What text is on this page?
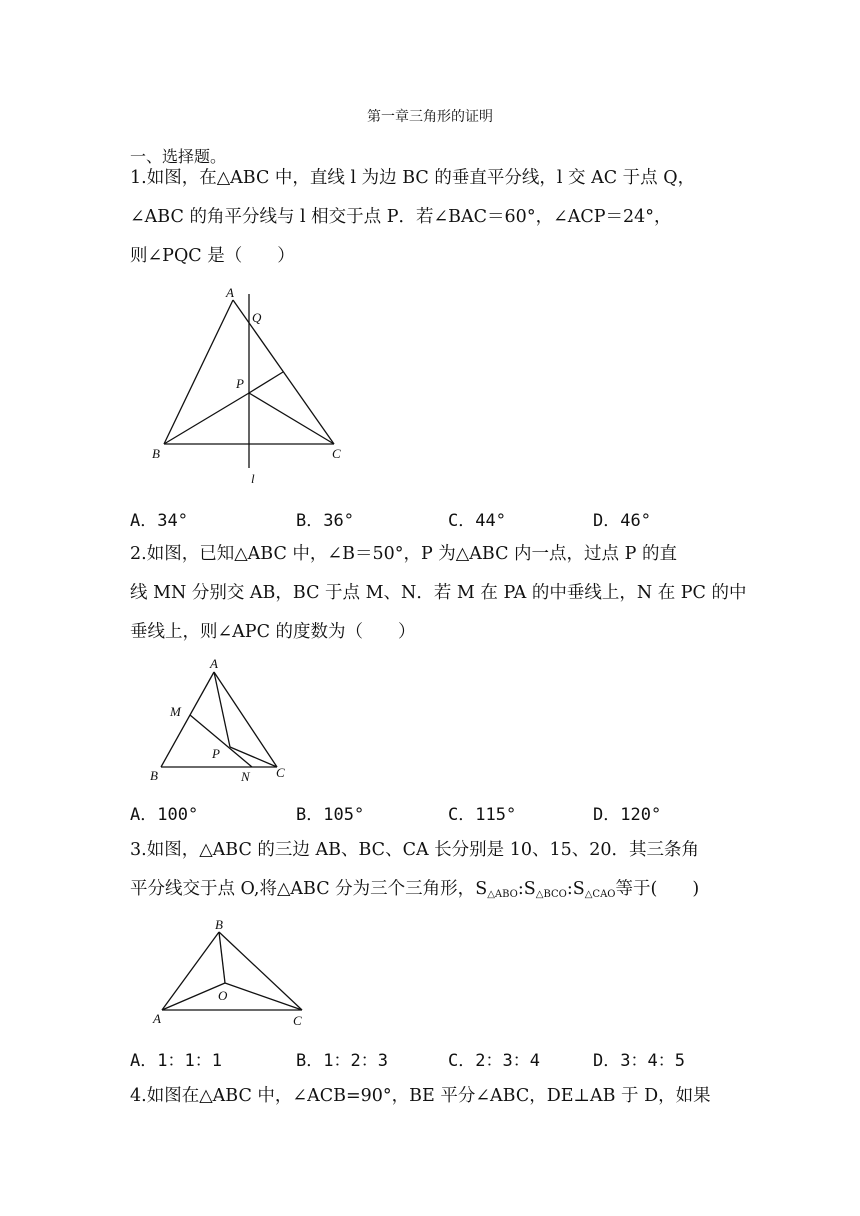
第一章三角形的证明
一、选择题。
1.如图，在△ABC 中，直线 l 为边 BC 的垂直平分线，l 交 AC 于点 Q，
∠ABC 的角平分线与 l 相交于点 P．若∠BAC＝60°，∠ACP＝24°，
则∠PQC 是（　　）
A
Q
P
B	C
l
A．34°	B．36°	C．44°	D．46°
2.如图，已知△ABC 中，∠B＝50°，P 为△ABC 内一点，过点 P 的直
线 MN 分别交 AB，BC 于点 M、N．若 M 在 PA 的中垂线上，N 在 PC 的中
垂线上，则∠APC 的度数为（　　）
A
M
P
B	N C
A．100°	B．105°	C．115°	D．120°
3.如图，△ABC 的三边 AB、BC、CA 长分别是 10、15、20．其三条角
平分线交于点 O,将△ABC 分为三个三角形，$S_{\triangle ABO}:S_{\triangle BCO}:S_{\triangle CAO}$等于(　　)
B
O
A	C
A．1：1：1	B．1：2：3	C．2：3：4	D．3：4：5
4.如图在△ABC 中，∠ACB=90°，BE 平分∠ABC，DE⊥AB 于 D，如果
